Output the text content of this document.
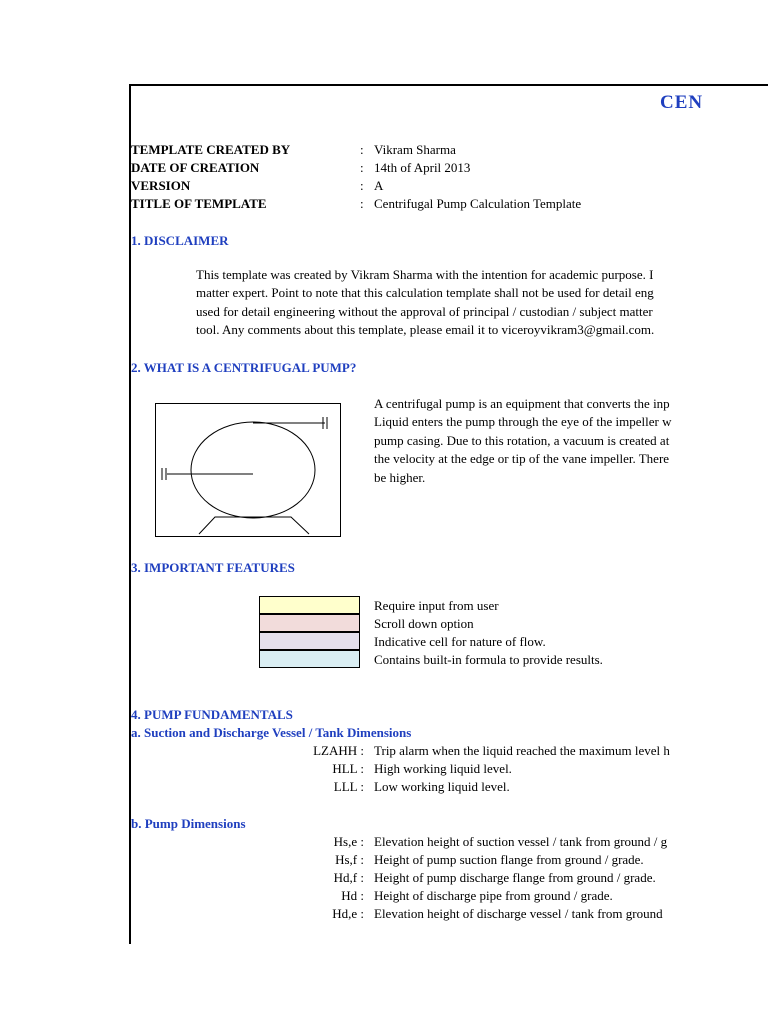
CEN
TEMPLATE CREATED BY	: Vikram Sharma
DATE OF CREATION	: 14th of April 2013
VERSION	: A
TITLE OF TEMPLATE	: Centrifugal Pump Calculation Template
1. DISCLAIMER
This template was created by Vikram Sharma with the intention for academic purpose. I
matter expert. Point to note that this calculation template shall not be used for detail eng
used for detail engineering without the approval of principal / custodian / subject matter
tool. Any comments about this template, please email it to viceroyvikram3@gmail.com.
2. WHAT IS A CENTRIFUGAL PUMP?
A centrifugal pump is an equipment that converts the inp
Liquid enters the pump through the eye of the impeller w
pump casing. Due to this rotation, a vacuum is created at
the velocity at the edge or tip of the vane impeller. There
be higher.
3. IMPORTANT FEATURES
Require input from user
Scroll down option
Indicative cell for nature of flow.
Contains built-in formula to provide results.
4. PUMP FUNDAMENTALS
a. Suction and Discharge Vessel / Tank Dimensions
LZAHH : Trip alarm when the liquid reached the maximum level h
HLL : High working liquid level.
LLL : Low working liquid level.
b. Pump Dimensions
Hs,e : Elevation height of suction vessel / tank from ground / g
Hs,f : Height of pump suction flange from ground / grade.
Hd,f : Height of pump discharge flange from ground / grade.
Hd : Height of discharge pipe from ground / grade.
Hd,e : Elevation height of discharge vessel / tank from ground
